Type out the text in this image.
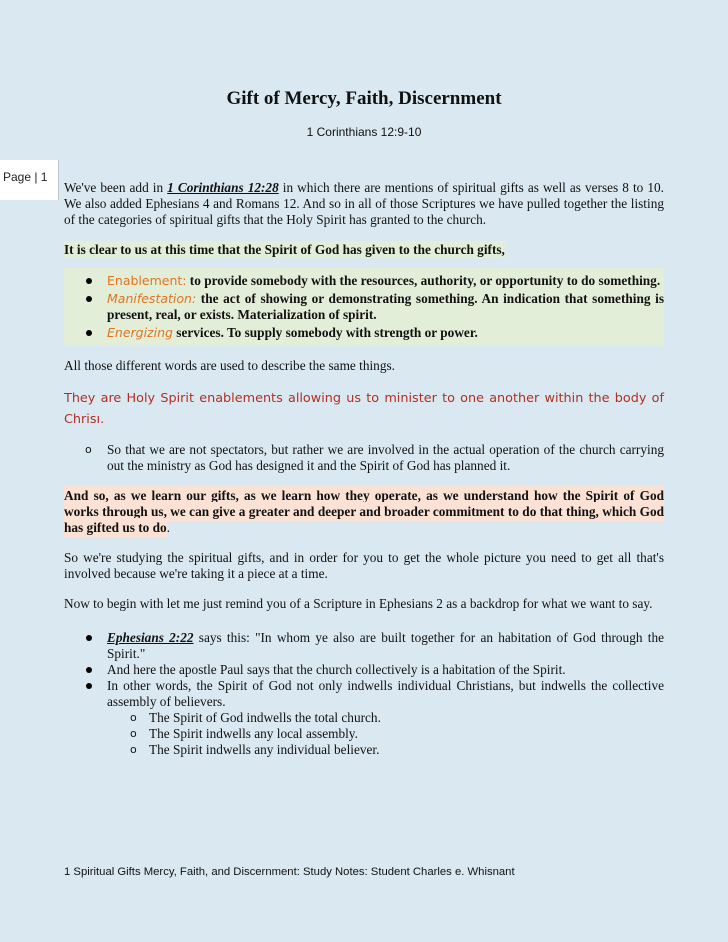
Page | 1
Gift of Mercy, Faith, Discernment
1 Corinthians 12:9-10

We've been add in 1 Corinthians 12:28 in which there are mentions of spiritual gifts as well as verses 8 to 10. We also added Ephesians 4 and Romans 12. And so in all of those Scriptures we have pulled together the listing of the categories of spiritual gifts that the Holy Spirit has granted to the church.

It is clear to us at this time that the Spirit of God has given to the church gifts,

Enablement: to provide somebody with the resources, authority, or opportunity to do something.
Manifestation: the act of showing or demonstrating something. An indication that something is present, real, or exists. Materialization of spirit.
Energizing services. To supply somebody with strength or power.

All those different words are used to describe the same things.

They are Holy Spirit enablements allowing us to minister to one another within the body of Chrisı.

o So that we are not spectators, but rather we are involved in the actual operation of the church carrying out the ministry as God has designed it and the Spirit of God has planned it.

And so, as we learn our gifts, as we learn how they operate, as we understand how the Spirit of God works through us, we can give a greater and deeper and broader commitment to do that thing, which God has gifted us to do.

So we're studying the spiritual gifts, and in order for you to get the whole picture you need to get all that's involved because we're taking it a piece at a time.

Now to begin with let me just remind you of a Scripture in Ephesians 2 as a backdrop for what we want to say.

Ephesians 2:22 says this: "In whom ye also are built together for an habitation of God through the Spirit."
And here the apostle Paul says that the church collectively is a habitation of the Spirit.
In other words, the Spirit of God not only indwells individual Christians, but indwells the collective assembly of believers.
o The Spirit of God indwells the total church.
o The Spirit indwells any local assembly.
o The Spirit indwells any individual believer.
1 Spiritual Gifts Mercy, Faith, and Discernment: Study Notes: Student Charles e. Whisnant
